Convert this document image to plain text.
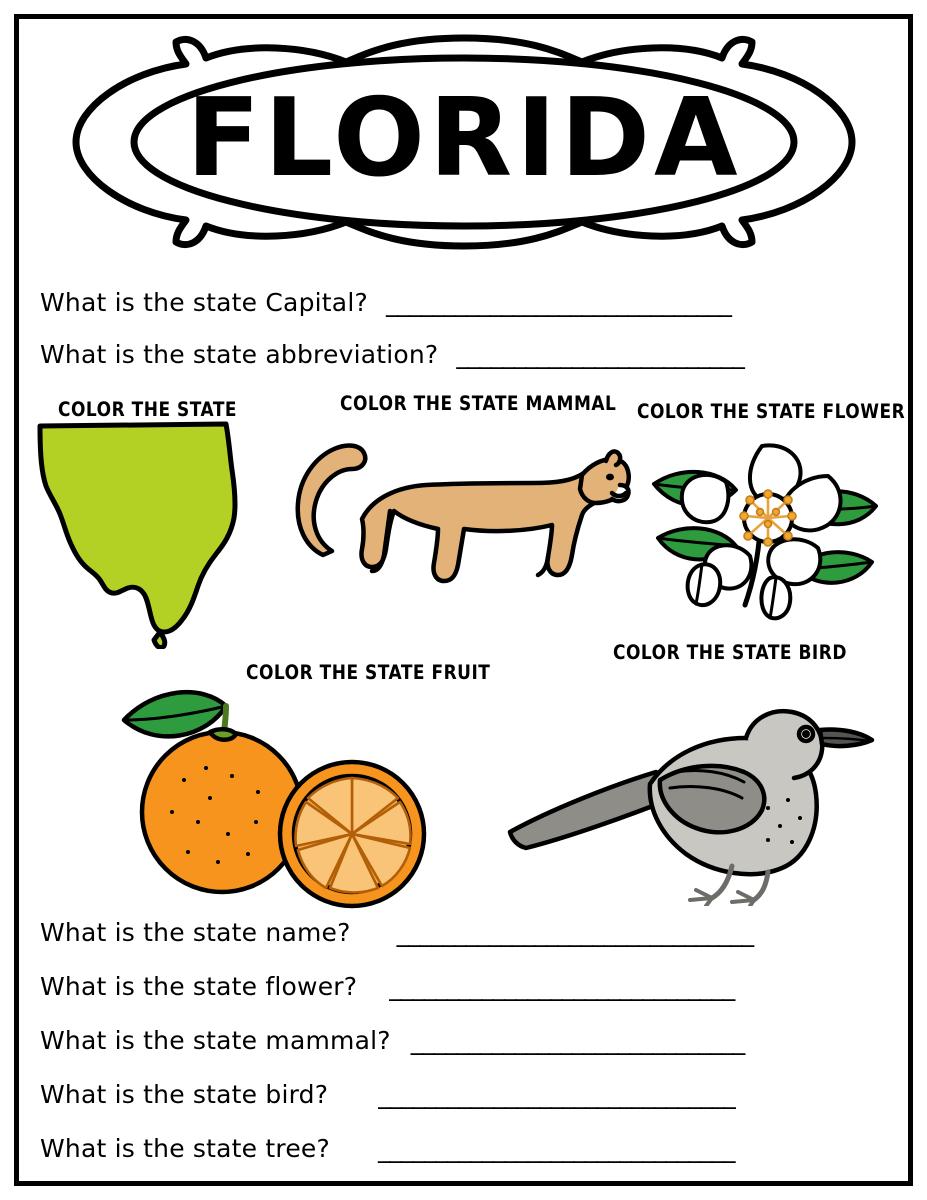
FLORIDA
What is the state Capital? ______________________________
What is the state abbreviation? _________________________
COLOR THE STATE	COLOR THE STATE MAMMAL COLOR THE STATE FLOWER
COLOR THE STATE FRUIT
COLOR THE STATE BIRD
What is the state name? _______________________________
What is the state flower? ______________________________
What is the state mammal? _____________________________
What is the state bird? _______________________________
What is the state tree? _______________________________
